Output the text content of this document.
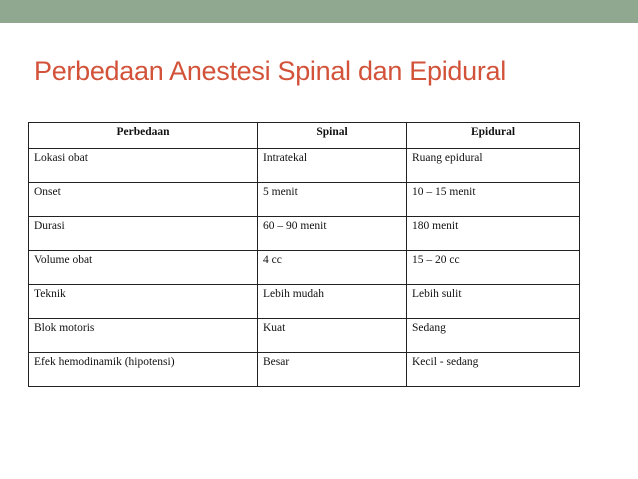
Perbedaan Anestesi Spinal dan Epidural
Perbedaan	Spinal	Epidural
Lokasi obat	Intratekal	Ruang epidural
Onset	5 menit	10 – 15 menit
Durasi	60 – 90 menit	180 menit
Volume obat	4 cc	15 – 20 cc
Teknik	Lebih mudah	Lebih sulit
Blok motoris	Kuat	Sedang
Efek hemodinamik (hipotensi)	Besar	Kecil - sedang
